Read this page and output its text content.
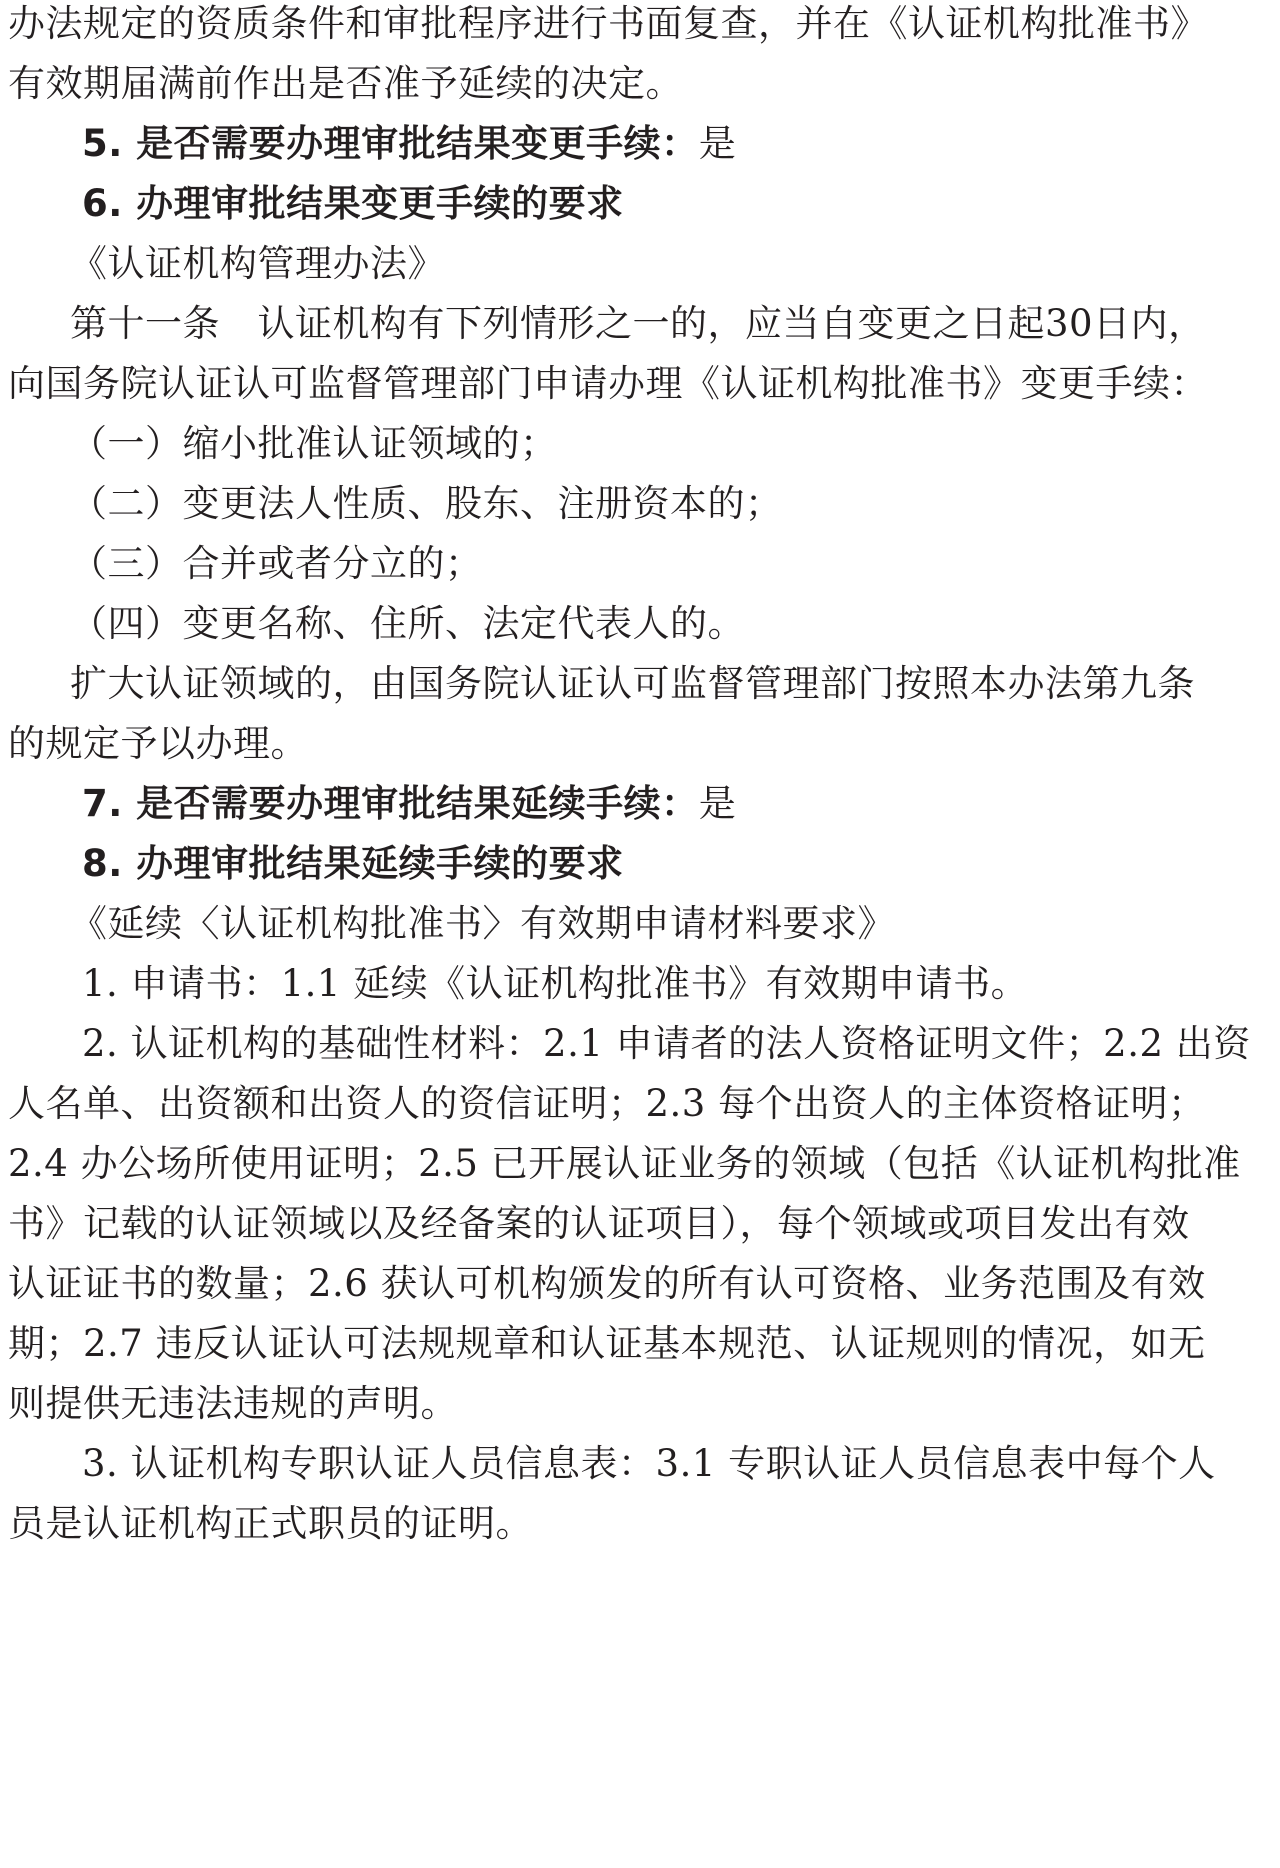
办法规定的资质条件和审批程序进行书面复查，并在《认证机构批准书》
有效期届满前作出是否准予延续的决定。
5. 是否需要办理审批结果变更手续：是
6. 办理审批结果变更手续的要求
《认证机构管理办法》
第十一条　认证机构有下列情形之一的，应当自变更之日起30日内，
向国务院认证认可监督管理部门申请办理《认证机构批准书》变更手续：
（一）缩小批准认证领域的；
（二）变更法人性质、股东、注册资本的；
（三）合并或者分立的；
（四）变更名称、住所、法定代表人的。
扩大认证领域的，由国务院认证认可监督管理部门按照本办法第九条
的规定予以办理。
7. 是否需要办理审批结果延续手续：是
8. 办理审批结果延续手续的要求
《延续〈认证机构批准书〉有效期申请材料要求》
1. 申请书：1.1 延续《认证机构批准书》有效期申请书。
2. 认证机构的基础性材料：2.1 申请者的法人资格证明文件；2.2 出资
人名单、出资额和出资人的资信证明；2.3 每个出资人的主体资格证明；
2.4 办公场所使用证明；2.5 已开展认证业务的领域（包括《认证机构批准
书》记载的认证领域以及经备案的认证项目），每个领域或项目发出有效
认证证书的数量；2.6 获认可机构颁发的所有认可资格、业务范围及有效
期；2.7 违反认证认可法规规章和认证基本规范、认证规则的情况，如无
则提供无违法违规的声明。
3. 认证机构专职认证人员信息表：3.1 专职认证人员信息表中每个人
员是认证机构正式职员的证明。
